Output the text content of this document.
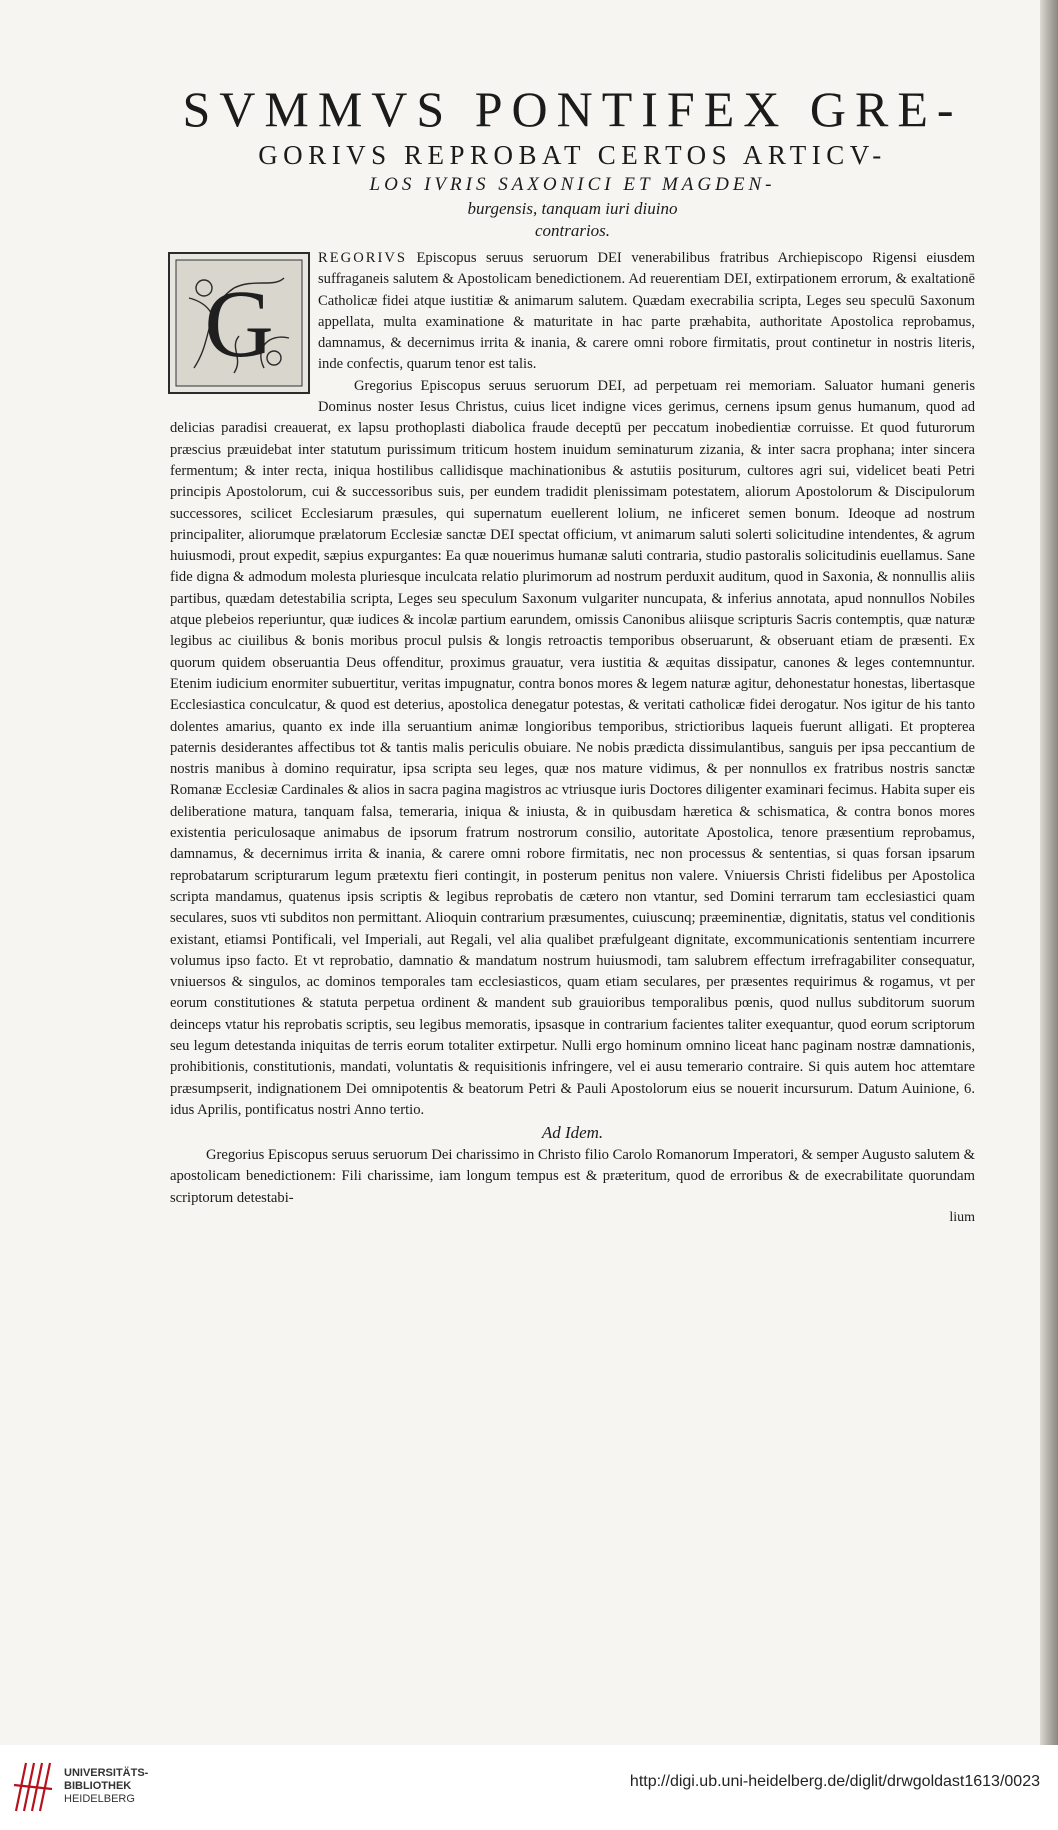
SVMMVS PONTIFEX GRE-
GORIVS REPROBAT CERTOS ARTICV-
LOS IVRIS SAXONICI ET MAGDEN-
burgensis, tanquam iuri diuino
contrarios.
G

REGORIVS Episcopus seruus seruorum DEI venerabilibus fratribus Archiepiscopo Rigensi eiusdem suffraganeis salutem & Apostolicam benedictionem. Ad reuerentiam DEI, extirpationem errorum, & exaltationē Catholicæ fidei atque iustitiæ & animarum salutem. Quædam execrabilia scripta, Leges seu speculū Saxonum appellata, multa examinatione & maturitate in hac parte præhabita, authoritate Apostolica reprobamus, damnamus, & decernimus irrita & inania, & carere omni robore firmitatis, prout continetur in nostris literis, inde confectis, quarum tenor est talis.

Gregorius Episcopus seruus seruorum DEI, ad perpetuam rei memoriam. Saluator humani generis Dominus noster Iesus Christus, cuius licet indigne vices gerimus, cernens ipsum genus humanum, quod ad delicias paradisi creauerat, ex lapsu prothoplasti diabolica fraude deceptū per peccatum inobedientiæ corruisse. Et quod futurorum præscius præuidebat inter statutum purissimum triticum hostem inuidum seminaturum zizania, & inter sacra prophana; inter sincera fermentum; & inter recta, iniqua hostilibus callidisque machinationibus & astutiis positurum, cultores agri sui, videlicet beati Petri principis Apostolorum, cui & successoribus suis, per eundem tradidit plenissimam potestatem, aliorum Apostolorum & Discipulorum successores, scilicet Ecclesiarum præsules, qui supernatum euellerent lolium, ne inficeret semen bonum. Ideoque ad nostrum principaliter, aliorumque prælatorum Ecclesiæ sanctæ DEI spectat officium, vt animarum saluti solerti solicitudine intendentes, & agrum huiusmodi, prout expedit, sæpius expurgantes: Ea quæ nouerimus humanæ saluti contraria, studio pastoralis solicitudinis euellamus. Sane fide digna & admodum molesta pluriesque inculcata relatio plurimorum ad nostrum perduxit auditum, quod in Saxonia, & nonnullis aliis partibus, quædam detestabilia scripta, Leges seu speculum Saxonum vulgariter nuncupata, & inferius annotata, apud nonnullos Nobiles atque plebeios reperiuntur, quæ iudices & incolæ partium earundem, omissis Canonibus aliisque scripturis Sacris contemptis, quæ naturæ legibus ac ciuilibus & bonis moribus procul pulsis & longis retroactis temporibus obseruarunt, & obseruant etiam de præsenti. Ex quorum quidem obseruantia Deus offenditur, proximus grauatur, vera iustitia & æquitas dissipatur, canones & leges contemnuntur. Etenim iudicium enormiter subuertitur, veritas impugnatur, contra bonos mores & legem naturæ agitur, dehonestatur honestas, libertasque Ecclesiastica conculcatur, & quod est deterius, apostolica denegatur potestas, & veritati catholicæ fidei derogatur. Nos igitur de his tanto dolentes amarius, quanto ex inde illa seruantium animæ longioribus temporibus, strictioribus laqueis fuerunt alligati. Et propterea paternis desiderantes affectibus tot & tantis malis periculis obuiare. Ne nobis prædicta dissimulantibus, sanguis per ipsa peccantium de nostris manibus à domino requiratur, ipsa scripta seu leges, quæ nos mature vidimus, & per nonnullos ex fratribus nostris sanctæ Romanæ Ecclesiæ Cardinales & alios in sacra pagina magistros ac vtriusque iuris Doctores diligenter examinari fecimus. Habita super eis deliberatione matura, tanquam falsa, temeraria, iniqua & iniusta, & in quibusdam hæretica & schismatica, & contra bonos mores existentia periculosaque animabus de ipsorum fratrum nostrorum consilio, autoritate Apostolica, tenore præsentium reprobamus, damnamus, & decernimus irrita & inania, & carere omni robore firmitatis, nec non processus & sententias, si quas forsan ipsarum reprobatarum scripturarum legum prætextu fieri contingit, in posterum penitus non valere. Vniuersis Christi fidelibus per Apostolica scripta mandamus, quatenus ipsis scriptis & legibus reprobatis de cætero non vtantur, sed Domini terrarum tam ecclesiastici quam seculares, suos vti subditos non permittant. Alioquin contrarium præsumentes, cuiuscunq; præeminentiæ, dignitatis, status vel conditionis existant, etiamsi Pontificali, vel Imperiali, aut Regali, vel alia qualibet præfulgeant dignitate, excommunicationis sententiam incurrere volumus ipso facto. Et vt reprobatio, damnatio & mandatum nostrum huiusmodi, tam salubrem effectum irrefragabiliter consequatur, vniuersos & singulos, ac dominos temporales tam ecclesiasticos, quam etiam seculares, per præsentes requirimus & rogamus, vt per eorum constitutiones & statuta perpetua ordinent & mandent sub grauioribus temporalibus pœnis, quod nullus subditorum suorum deinceps vtatur his reprobatis scriptis, seu legibus memoratis, ipsasque in contrarium facientes taliter exequantur, quod eorum scriptorum seu legum detestanda iniquitas de terris eorum totaliter extirpetur. Nulli ergo hominum omnino liceat hanc paginam nostræ damnationis, prohibitionis, constitutionis, mandati, voluntatis & requisitionis infringere, vel ei ausu temerario contraire. Si quis autem hoc attemtare præsumpserit, indignationem Dei omnipotentis & beatorum Petri & Pauli Apostolorum eius se nouerit incursurum. Datum Auinione, 6. idus Aprilis, pontificatus nostri Anno tertio.

Ad Idem.

Gregorius Episcopus seruus seruorum Dei charissimo in Christo filio Carolo Romanorum Imperatori, & semper Augusto salutem & apostolicam benedictionem: Fili charissime, iam longum tempus est & præteritum, quod de erroribus & de execrabilitate quorundam scriptorum detestabi-

lium
UNIVERSITÄTS-
BIBLIOTHEK
HEIDELBERG
http://digi.ub.uni-heidelberg.de/diglit/drwgoldast1613/0023
